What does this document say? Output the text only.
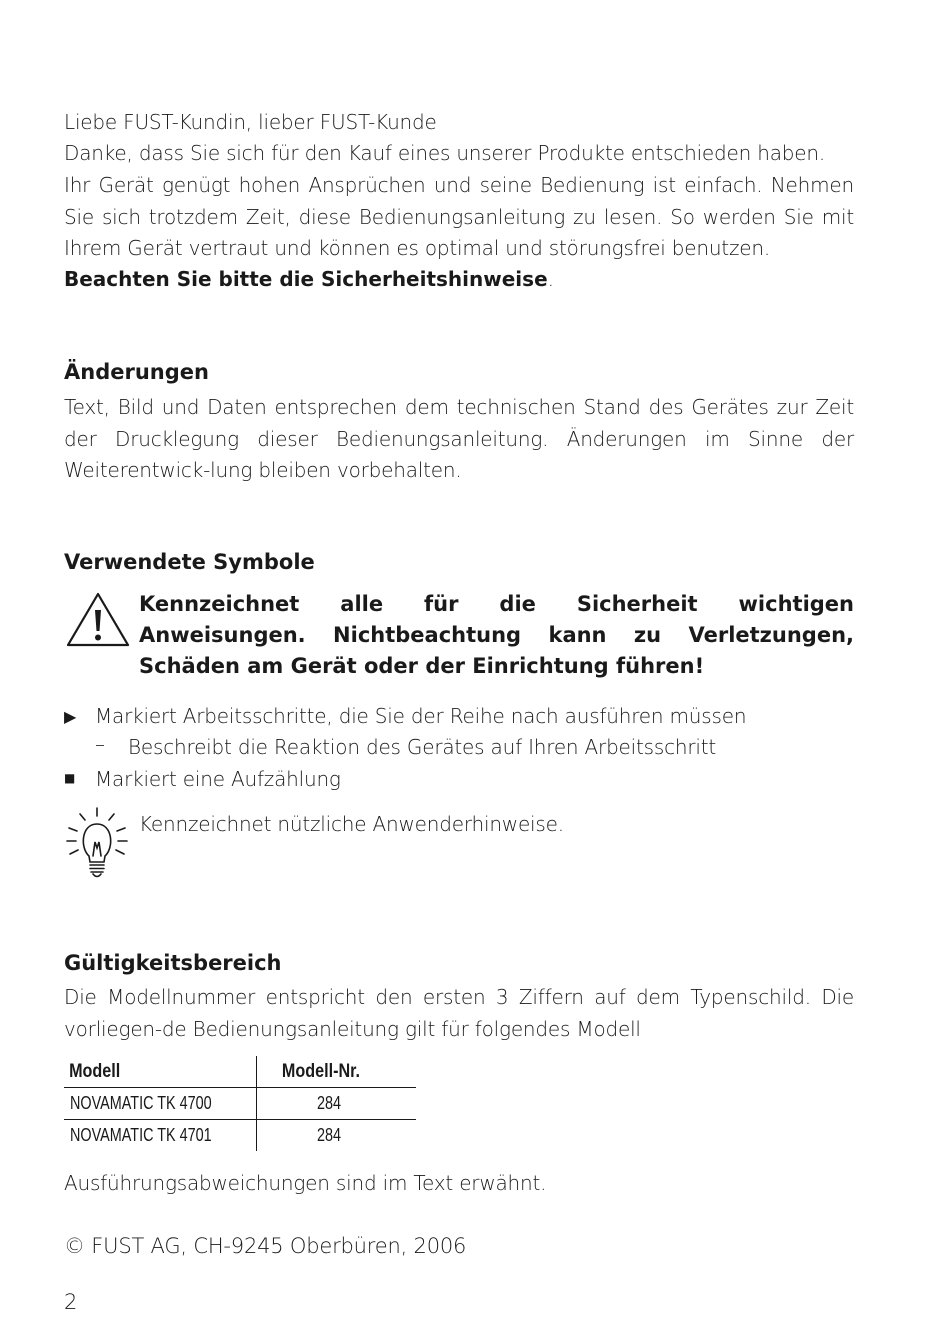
Liebe FUST-Kundin, lieber FUST-Kunde
Danke, dass Sie sich für den Kauf eines unserer Produkte entschieden haben.
Ihr Gerät genügt hohen Ansprüchen und seine Bedienung ist einfach. Nehmen Sie sich trotzdem Zeit, diese Bedienungsanleitung zu lesen. So werden Sie mit Ihrem Gerät vertraut und können es optimal und störungsfrei benutzen.
Beachten Sie bitte die Sicherheitshinweise.
Änderungen
Text, Bild und Daten entsprechen dem technischen Stand des Gerätes zur Zeit der Drucklegung dieser Bedienungsanleitung. Änderungen im Sinne der Weiterentwick-lung bleiben vorbehalten.
Verwendete Symbole
Kennzeichnet alle für die Sicherheit wichtigen Anweisungen. Nichtbeachtung kann zu Verletzungen, Schäden am Gerät oder der Einrichtung führen!
▶ Markiert Arbeitsschritte, die Sie der Reihe nach ausführen müssen
– Beschreibt die Reaktion des Gerätes auf Ihren Arbeitsschritt
■ Markiert eine Aufzählung
Kennzeichnet nützliche Anwenderhinweise.
Gültigkeitsbereich
Die Modellnummer entspricht den ersten 3 Ziffern auf dem Typenschild. Die vorliegen-de Bedienungsanleitung gilt für folgendes Modell
Modell	Modell-Nr.
NOVAMATIC TK 4700	284
NOVAMATIC TK 4701	284
Ausführungsabweichungen sind im Text erwähnt.
© FUST AG, CH-9245 Oberbüren, 2006
2
